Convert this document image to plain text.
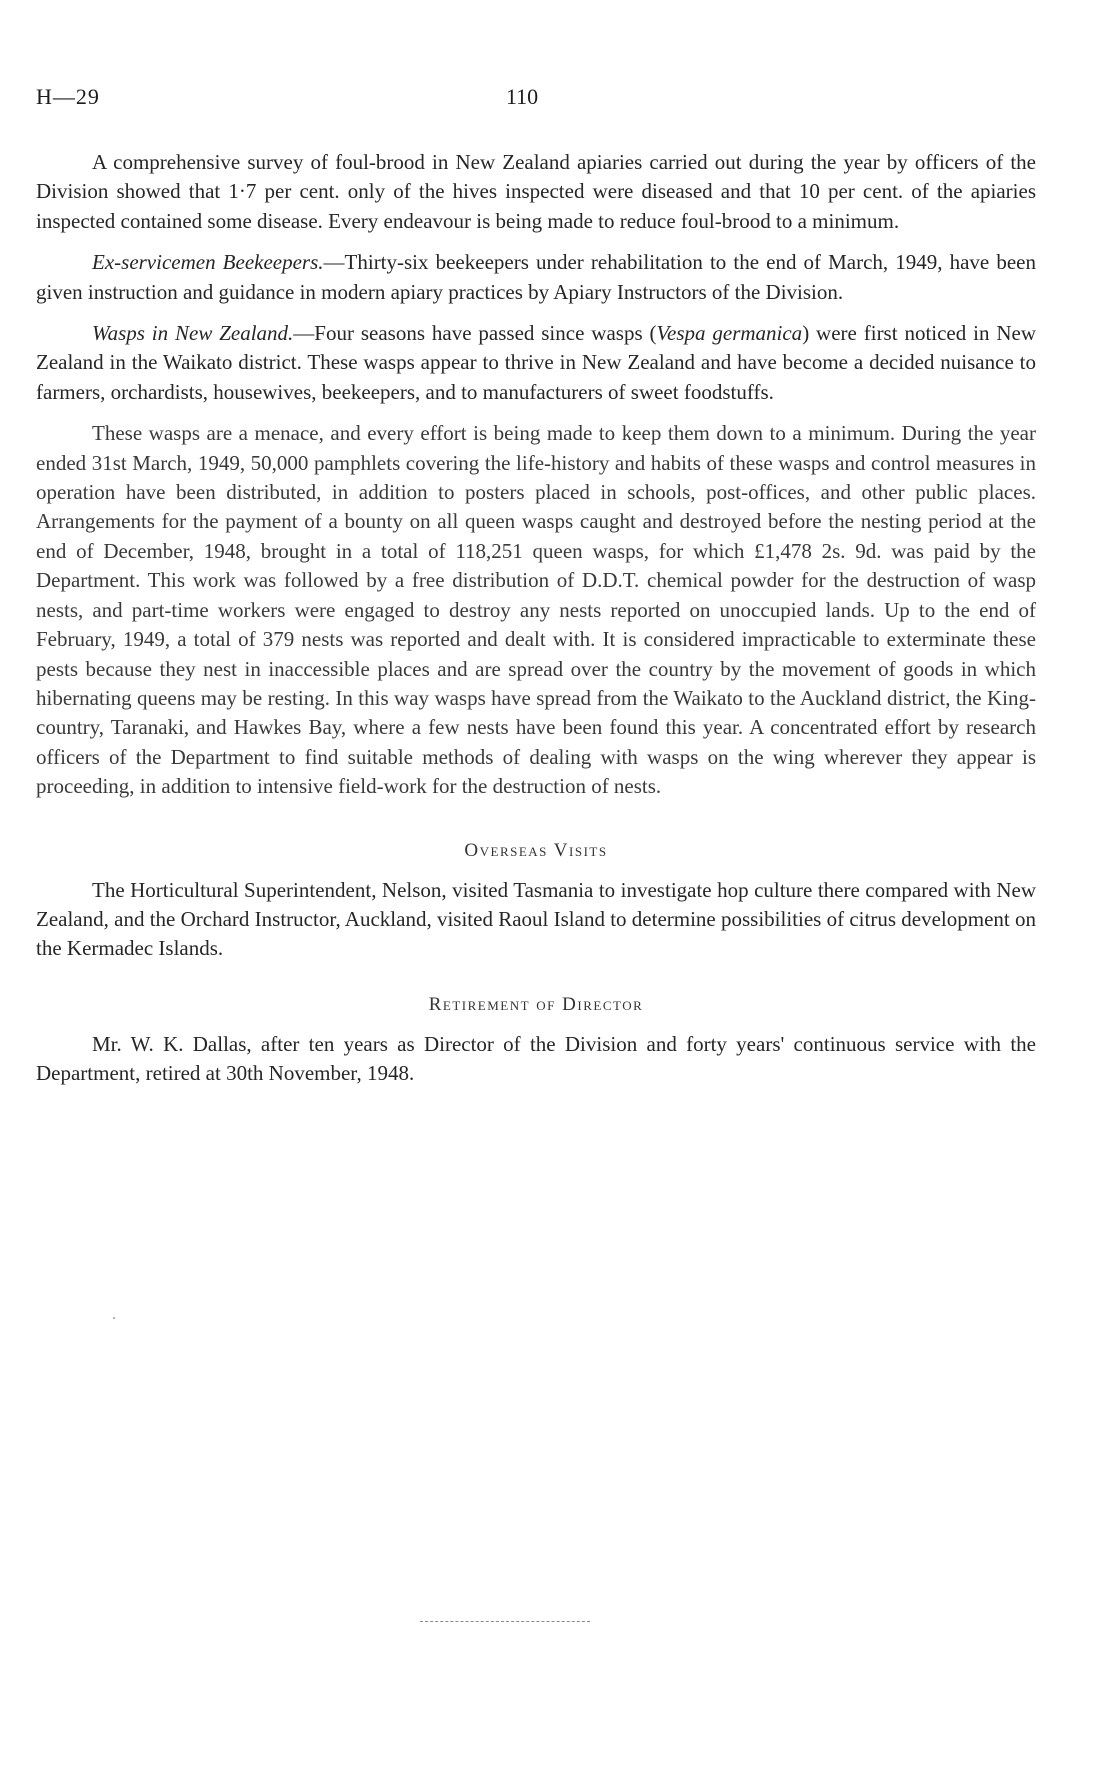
H—29	110

A comprehensive survey of foul-brood in New Zealand apiaries carried out during the year by officers of the Division showed that 1·7 per cent. only of the hives inspected were diseased and that 10 per cent. of the apiaries inspected contained some disease. Every endeavour is being made to reduce foul-brood to a minimum.

Ex-servicemen Beekeepers.—Thirty-six beekeepers under rehabilitation to the end of March, 1949, have been given instruction and guidance in modern apiary practices by Apiary Instructors of the Division.

Wasps in New Zealand.—Four seasons have passed since wasps (Vespa germanica) were first noticed in New Zealand in the Waikato district. These wasps appear to thrive in New Zealand and have become a decided nuisance to farmers, orchardists, housewives, beekeepers, and to manufacturers of sweet foodstuffs.

These wasps are a menace, and every effort is being made to keep them down to a minimum. During the year ended 31st March, 1949, 50,000 pamphlets covering the life-history and habits of these wasps and control measures in operation have been distributed, in addition to posters placed in schools, post-offices, and other public places. Arrangements for the payment of a bounty on all queen wasps caught and destroyed before the nesting period at the end of December, 1948, brought in a total of 118,251 queen wasps, for which £1,478 2s. 9d. was paid by the Department. This work was followed by a free distribution of D.D.T. chemical powder for the destruction of wasp nests, and part-time workers were engaged to destroy any nests reported on unoccupied lands. Up to the end of February, 1949, a total of 379 nests was reported and dealt with. It is considered impracticable to exterminate these pests because they nest in inaccessible places and are spread over the country by the movement of goods in which hibernating queens may be resting. In this way wasps have spread from the Waikato to the Auckland district, the King-country, Taranaki, and Hawkes Bay, where a few nests have been found this year. A concentrated effort by research officers of the Department to find suitable methods of dealing with wasps on the wing wherever they appear is proceeding, in addition to intensive field-work for the destruction of nests.

Overseas Visits

The Horticultural Superintendent, Nelson, visited Tasmania to investigate hop culture there compared with New Zealand, and the Orchard Instructor, Auckland, visited Raoul Island to determine possibilities of citrus development on the Kermadec Islands.

Retirement of Director

Mr. W. K. Dallas, after ten years as Director of the Division and forty years' continuous service with the Department, retired at 30th November, 1948.
